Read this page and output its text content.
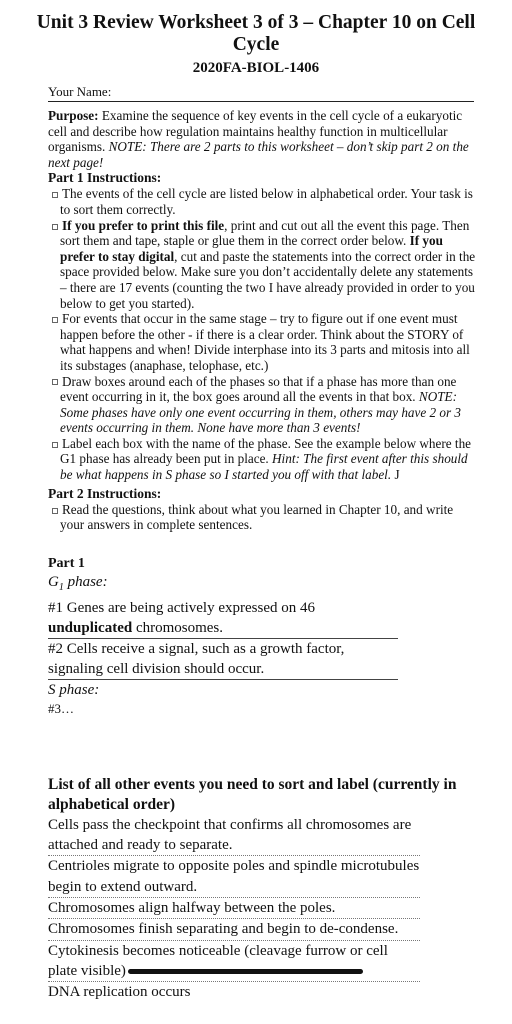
Unit 3 Review Worksheet 3 of 3 – Chapter 10 on Cell Cycle
2020FA-BIOL-1406
Your Name:
Purpose: Examine the sequence of key events in the cell cycle of a eukaryotic cell and describe how regulation maintains healthy function in multicellular organisms. NOTE: There are 2 parts to this worksheet – don’t skip part 2 on the next page!
Part 1 Instructions:
The events of the cell cycle are listed below in alphabetical order. Your task is to sort them correctly.
If you prefer to print this file, print and cut out all the event this page. Then sort them and tape, staple or glue them in the correct order below. If you prefer to stay digital, cut and paste the statements into the correct order in the space provided below. Make sure you don’t accidentally delete any statements – there are 17 events (counting the two I have already provided in order to you below to get you started).
For events that occur in the same stage – try to figure out if one event must happen before the other - if there is a clear order. Think about the STORY of what happens and when! Divide interphase into its 3 parts and mitosis into all its substages (anaphase, telophase, etc.)
Draw boxes around each of the phases so that if a phase has more than one event occurring in it, the box goes around all the events in that box. NOTE: Some phases have only one event occurring in them, others may have 2 or 3 events occurring in them. None have more than 3 events!
Label each box with the name of the phase. See the example below where the G1 phase has already been put in place. Hint: The first event after this should be what happens in S phase so I started you off with that label. J
Part 2 Instructions:
Read the questions, think about what you learned in Chapter 10, and write your answers in complete sentences.
Part 1
$G_1$ phase:
#1 Genes are being actively expressed on 46 unduplicated chromosomes.
#2 Cells receive a signal, such as a growth factor, signaling cell division should occur.
S phase:
#3…
List of all other events you need to sort and label (currently in alphabetical order)
Cells pass the checkpoint that confirms all chromosomes are attached and ready to separate.
Centrioles migrate to opposite poles and spindle microtubules begin to extend outward.
Chromosomes align halfway between the poles.
Chromosomes finish separating and begin to de-condense.
Cytokinesis becomes noticeable (cleavage furrow or cell plate visible)
DNA replication occurs
